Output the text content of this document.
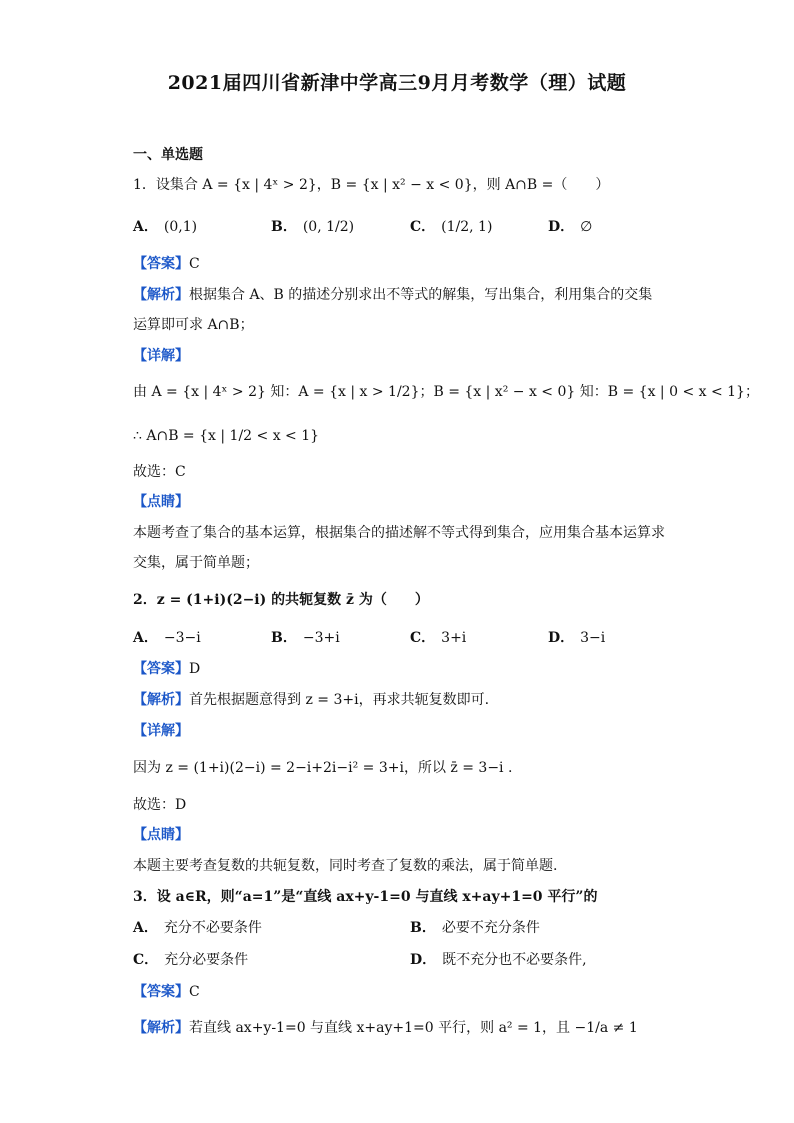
2021届四川省新津中学高三9月月考数学（理）试题
一、单选题
1．设集合 A = {x | 4ˣ > 2}，B = {x | x² − x < 0}，则 A∩B =（　　）
A． (0,1)	B． (0, 1/2)	C． (1/2, 1)	D． ∅
【答案】C
【解析】根据集合 A、B 的描述分别求出不等式的解集，写出集合，利用集合的交集
运算即可求 A∩B；
【详解】
由 A = {x | 4ˣ > 2} 知：A = {x | x > 1/2}；B = {x | x² − x < 0} 知：B = {x | 0 < x < 1}；
∴ A∩B = {x | 1/2 < x < 1}
故选：C
【点睛】
本题考查了集合的基本运算，根据集合的描述解不等式得到集合，应用集合基本运算求
交集，属于简单题；
2．z = (1+i)(2−i) 的共轭复数 z̄ 为（　　）
A． −3−i	B． −3+i	C． 3+i	D． 3−i
【答案】D
【解析】首先根据题意得到 z = 3+i，再求共轭复数即可.
【详解】
因为 z = (1+i)(2−i) = 2−i+2i−i² = 3+i，所以 z̄ = 3−i .
故选：D
【点睛】
本题主要考查复数的共轭复数，同时考查了复数的乘法，属于简单题.
3．设 a∈R，则“a=1”是“直线 ax+y-1=0 与直线 x+ay+1=0 平行”的
A． 充分不必要条件	B． 必要不充分条件
C． 充分必要条件	D． 既不充分也不必要条件,
【答案】C
【解析】若直线 ax+y-1=0 与直线 x+ay+1=0 平行，则 a² = 1，且 −1/a ≠ 1
